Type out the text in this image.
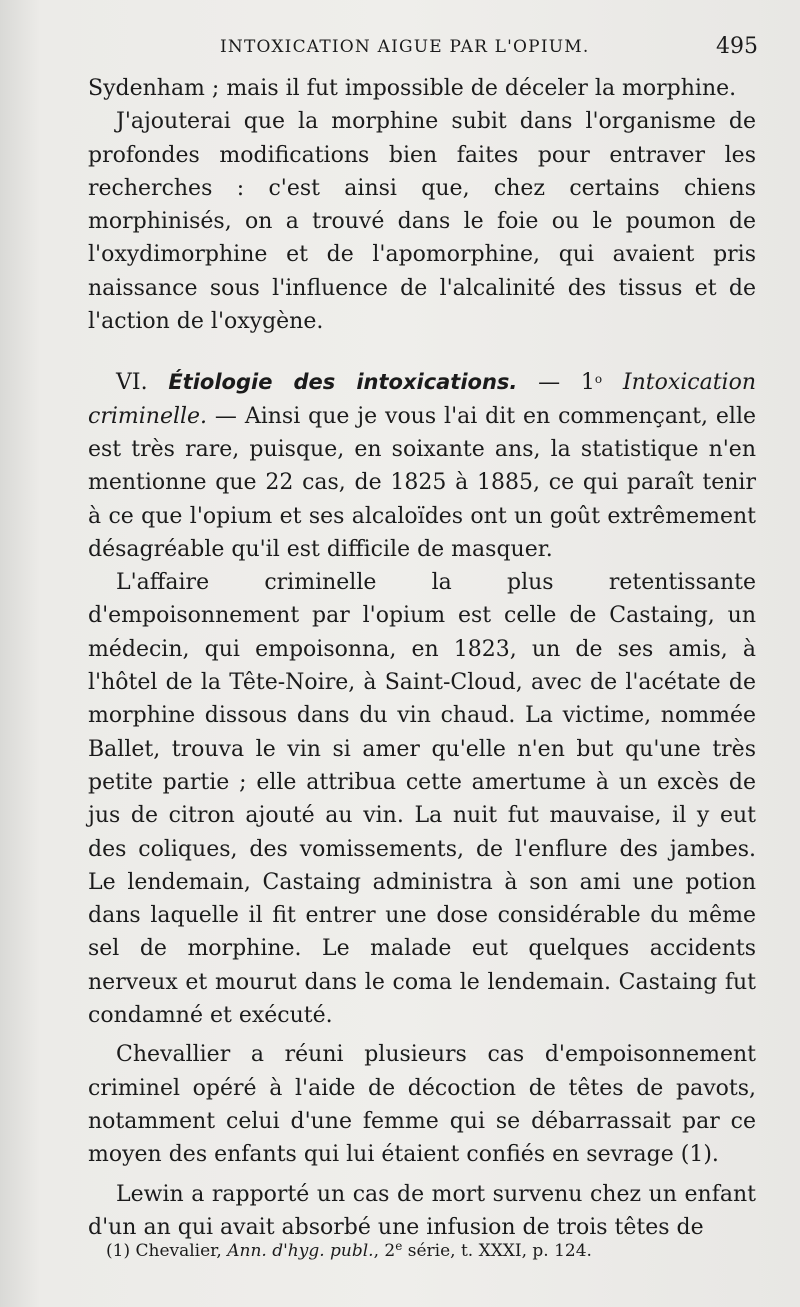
INTOXICATION AIGUE PAR L'OPIUM.	495

Sydenham ; mais il fut impossible de déceler la morphine.

J'ajouterai que la morphine subit dans l'organisme de profondes modifications bien faites pour entraver les recherches : c'est ainsi que, chez certains chiens morphinisés, on a trouvé dans le foie ou le poumon de l'oxydimorphine et de l'apomorphine, qui avaient pris naissance sous l'influence de l'alcalinité des tissus et de l'action de l'oxygène.

VI. Étiologie des intoxications. — 1$^o$ Intoxication criminelle. — Ainsi que je vous l'ai dit en commençant, elle est très rare, puisque, en soixante ans, la statistique n'en mentionne que 22 cas, de 1825 à 1885, ce qui paraît tenir à ce que l'opium et ses alcaloïdes ont un goût extrêmement désagréable qu'il est difficile de masquer.

L'affaire criminelle la plus retentissante d'empoisonnement par l'opium est celle de Castaing, un médecin, qui empoisonna, en 1823, un de ses amis, à l'hôtel de la Tête-Noire, à Saint-Cloud, avec de l'acétate de morphine dissous dans du vin chaud. La victime, nommée Ballet, trouva le vin si amer qu'elle n'en but qu'une très petite partie ; elle attribua cette amertume à un excès de jus de citron ajouté au vin. La nuit fut mauvaise, il y eut des coliques, des vomissements, de l'enflure des jambes. Le lendemain, Castaing administra à son ami une potion dans laquelle il fit entrer une dose considérable du même sel de morphine. Le malade eut quelques accidents nerveux et mourut dans le coma le lendemain. Castaing fut condamné et exécuté.

Chevallier a réuni plusieurs cas d'empoisonnement criminel opéré à l'aide de décoction de têtes de pavots, notamment celui d'une femme qui se débarrassait par ce moyen des enfants qui lui étaient confiés en sevrage (1).

Lewin a rapporté un cas de mort survenu chez un enfant d'un an qui avait absorbé une infusion de trois têtes de

(1) Chevalier, Ann. d'hyg. publ., 2e série, t. XXXI, p. 124.
